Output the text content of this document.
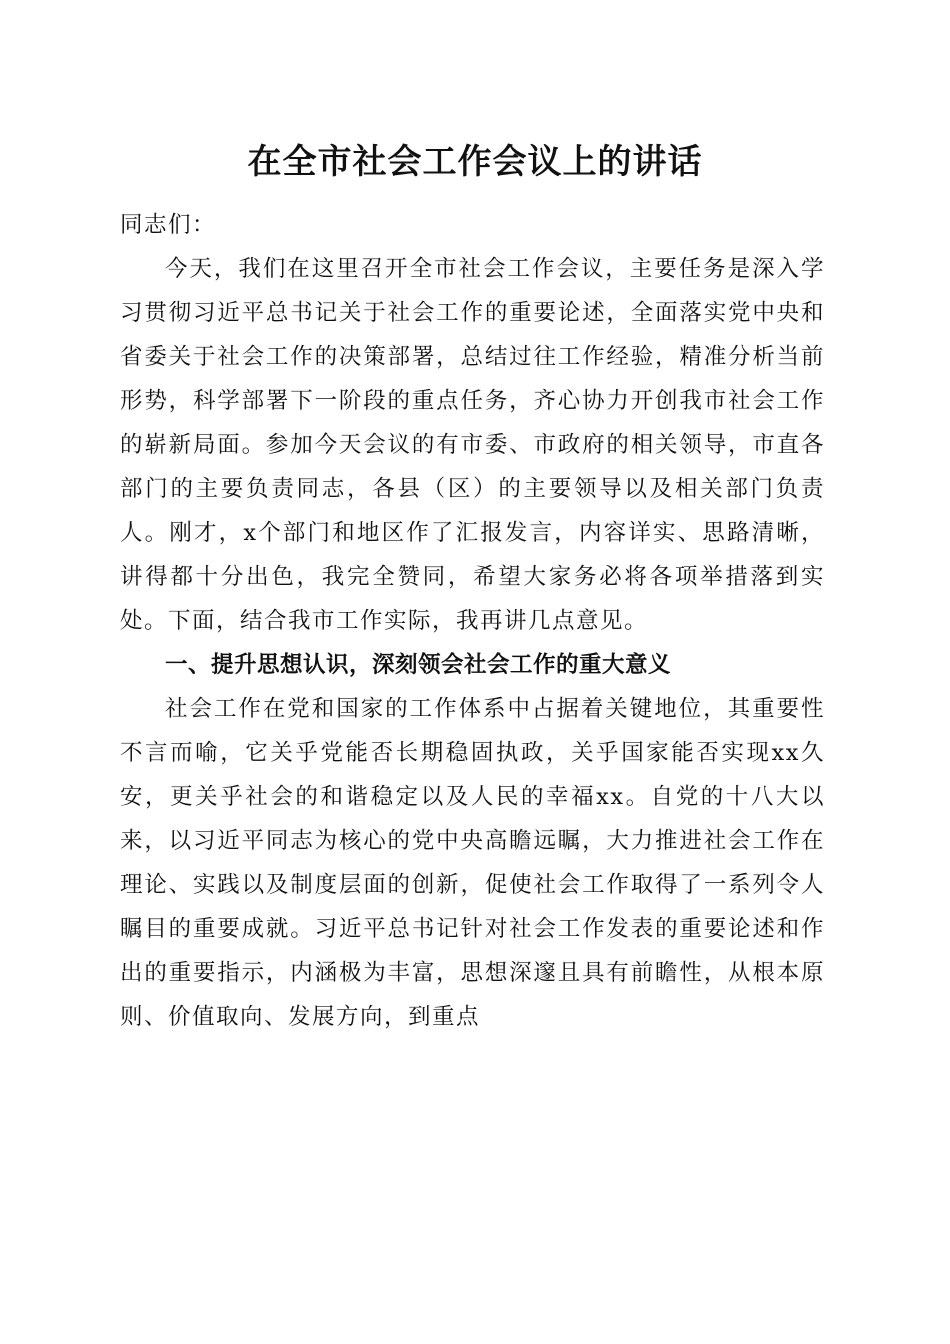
在全市社会工作会议上的讲话

同志们：

今天，我们在这里召开全市社会工作会议，主要任务是深入学习贯彻习近平总书记关于社会工作的重要论述，全面落实党中央和省委关于社会工作的决策部署，总结过往工作经验，精准分析当前形势，科学部署下一阶段的重点任务，齐心协力开创我市社会工作的崭新局面。参加今天会议的有市委、市政府的相关领导，市直各部门的主要负责同志，各县（区）的主要领导以及相关部门负责人。刚才，x个部门和地区作了汇报发言，内容详实、思路清晰，讲得都十分出色，我完全赞同，希望大家务必将各项举措落到实处。下面，结合我市工作实际，我再讲几点意见。

一、提升思想认识，深刻领会社会工作的重大意义

社会工作在党和国家的工作体系中占据着关键地位，其重要性不言而喻，它关乎党能否长期稳固执政，关乎国家能否实现xx久安，更关乎社会的和谐稳定以及人民的幸福xx。自党的十八大以来，以习近平同志为核心的党中央高瞻远瞩，大力推进社会工作在理论、实践以及制度层面的创新，促使社会工作取得了一系列令人瞩目的重要成就。习近平总书记针对社会工作发表的重要论述和作出的重要指示，内涵极为丰富，思想深邃且具有前瞻性，从根本原则、价值取向、发展方向，到重点
